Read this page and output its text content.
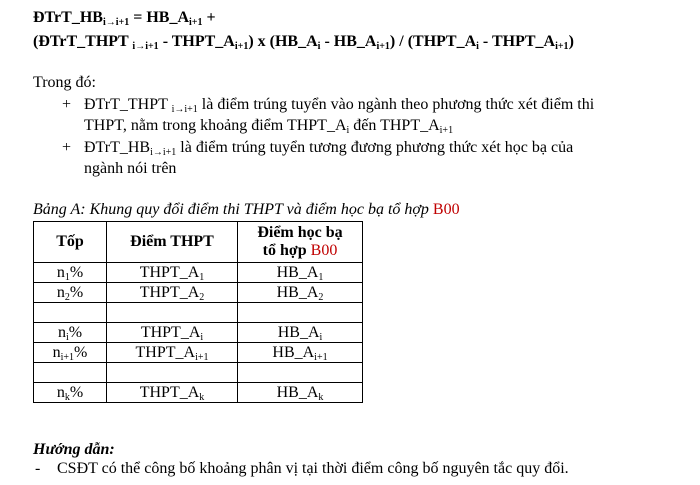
$ĐTrT\_HB_{i\to i+1}$ = $HB\_A_{i+1}$ +
(ĐTrT_THPT $_{i\to i+1} - THPT\_A_{i+1}$) x ($HB\_A_i$ - $HB\_A_{i+1}$) / ($THPT\_A_i$ - $THPT\_A_{i+1}$)
Trong đó:
+ ĐTrT_THPT $_{i\to i+1}$ là điểm trúng tuyển vào ngành theo phương thức xét điểm thi
THPT, nằm trong khoảng điểm $THPT\_A_i$ đến $THPT\_A_{i+1}$
+ $ĐTrT\_HB_{i\to i+1}$ là điểm trúng tuyển tương đương phương thức xét học bạ của
ngành nói trên
Bảng A: Khung quy đổi điểm thi THPT và điểm học bạ tổ hợp B00
Tốp	Điểm THPT	Điểm học bạ
tổ hợp B00
$n_1\%$	$THPT\_A_1$	$HB\_A_1$
$n_2\%$	$THPT\_A_2$	$HB\_A_2$

$n_i\%$	$THPT\_A_i$	$HB\_A_i$
$n_{i+1}\%$	$THPT\_A_{i+1}$	$HB\_A_{i+1}$

$n_k\%$	$THPT\_A_k$	$HB\_A_k$
Hướng dẫn:
- CSĐT có thể công bố khoảng phân vị tại thời điểm công bố nguyên tắc quy đổi.
